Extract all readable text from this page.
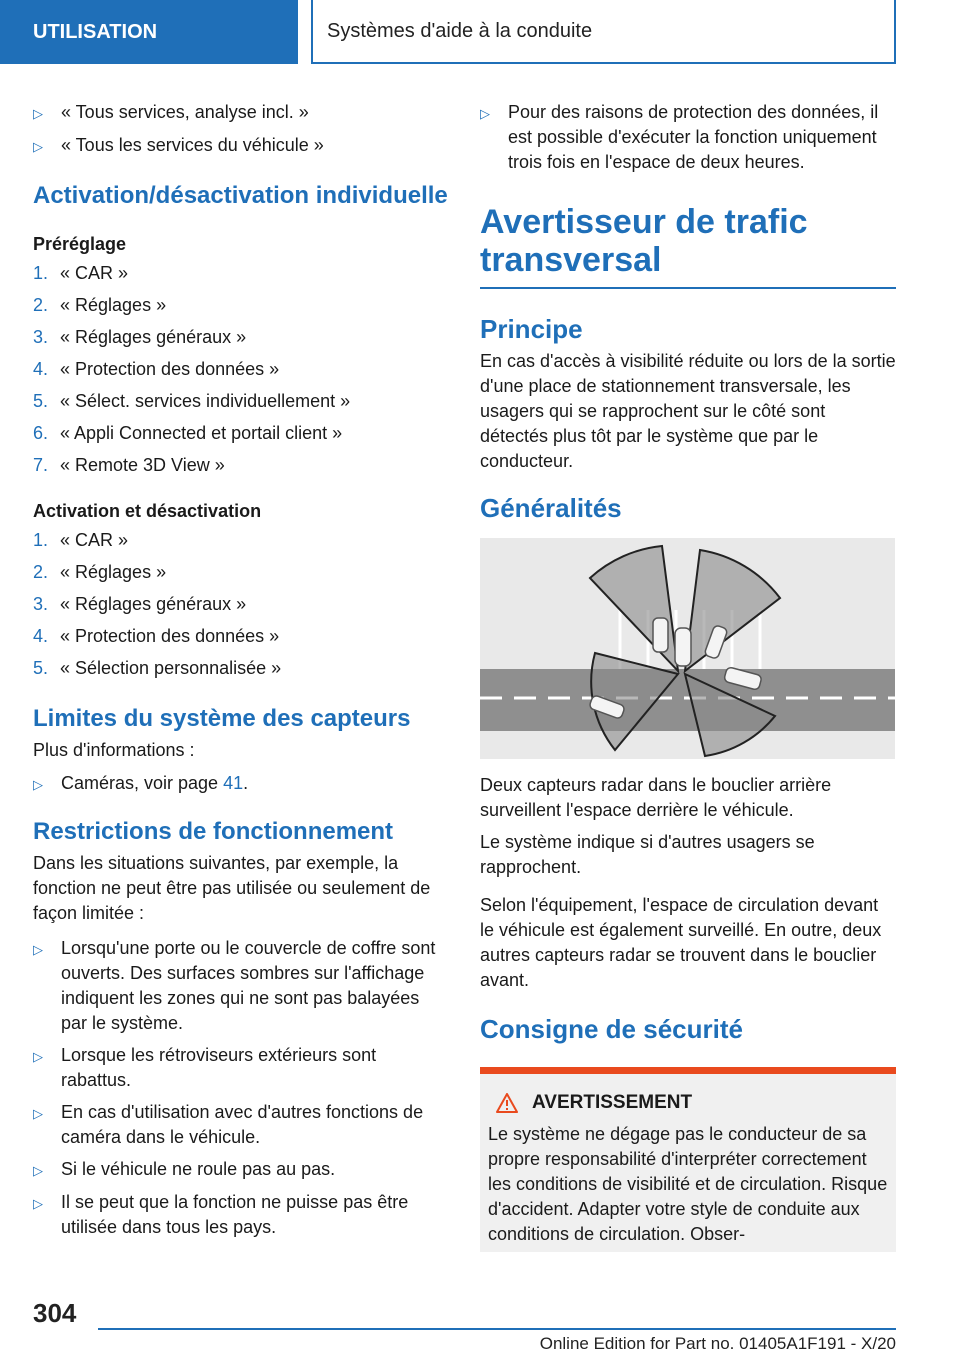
UTILISATION	Systèmes d'aide à la conduite
▷	« Tous services, analyse incl. »
▷	« Tous les services du véhicule »
Activation/désactivation individuelle
Préréglage
1. « CAR »
2. « Réglages »
3. « Réglages généraux »
4. « Protection des données »
5. « Sélect. services individuellement »
6. « Appli Connected et portail client »
7. « Remote 3D View »
Activation et désactivation
1. « CAR »
2. « Réglages »
3. « Réglages généraux »
4. « Protection des données »
5. « Sélection personnalisée »
Limites du système des capteurs

Plus d'informations :

▷	Caméras, voir page 41.
Restrictions de fonctionnement

Dans les situations suivantes, par exemple, la fonction ne peut être pas utilisée ou seulement de façon limitée :

▷	Lorsqu'une porte ou le couvercle de coffre sont ouverts. Des surfaces sombres sur l'affichage indiquent les zones qui ne sont pas balayées par le système.
▷	Lorsque les rétroviseurs extérieurs sont rabattus.
▷	En cas d'utilisation avec d'autres fonctions de caméra dans le véhicule.
▷	Si le véhicule ne roule pas au pas.
▷	Il se peut que la fonction ne puisse pas être utilisée dans tous les pays.
▷	Pour des raisons de protection des données, il est possible d'exécuter la fonction uniquement trois fois en l'espace de deux heures.
Avertisseur de trafic
transversal
Principe

En cas d'accès à visibilité réduite ou lors de la sortie d'une place de stationnement transversale, les usagers qui se rapprochent sur le côté sont détectés plus tôt par le système que par le conducteur.

Généralités

Deux capteurs radar dans le bouclier arrière surveillent l'espace derrière le véhicule.

Le système indique si d'autres usagers se rapprochent.

Selon l'équipement, l'espace de circulation devant le véhicule est également surveillé. En outre, deux autres capteurs radar se trouvent dans le bouclier avant.

Consigne de sécurité
AVERTISSEMENT

Le système ne dégage pas le conducteur de sa propre responsabilité d'interpréter correctement les conditions de visibilité et de circulation. Risque d'accident. Adapter votre style de conduite aux conditions de circulation. Obser-

304
Online Edition for Part no. 01405A1F191 - X/20
